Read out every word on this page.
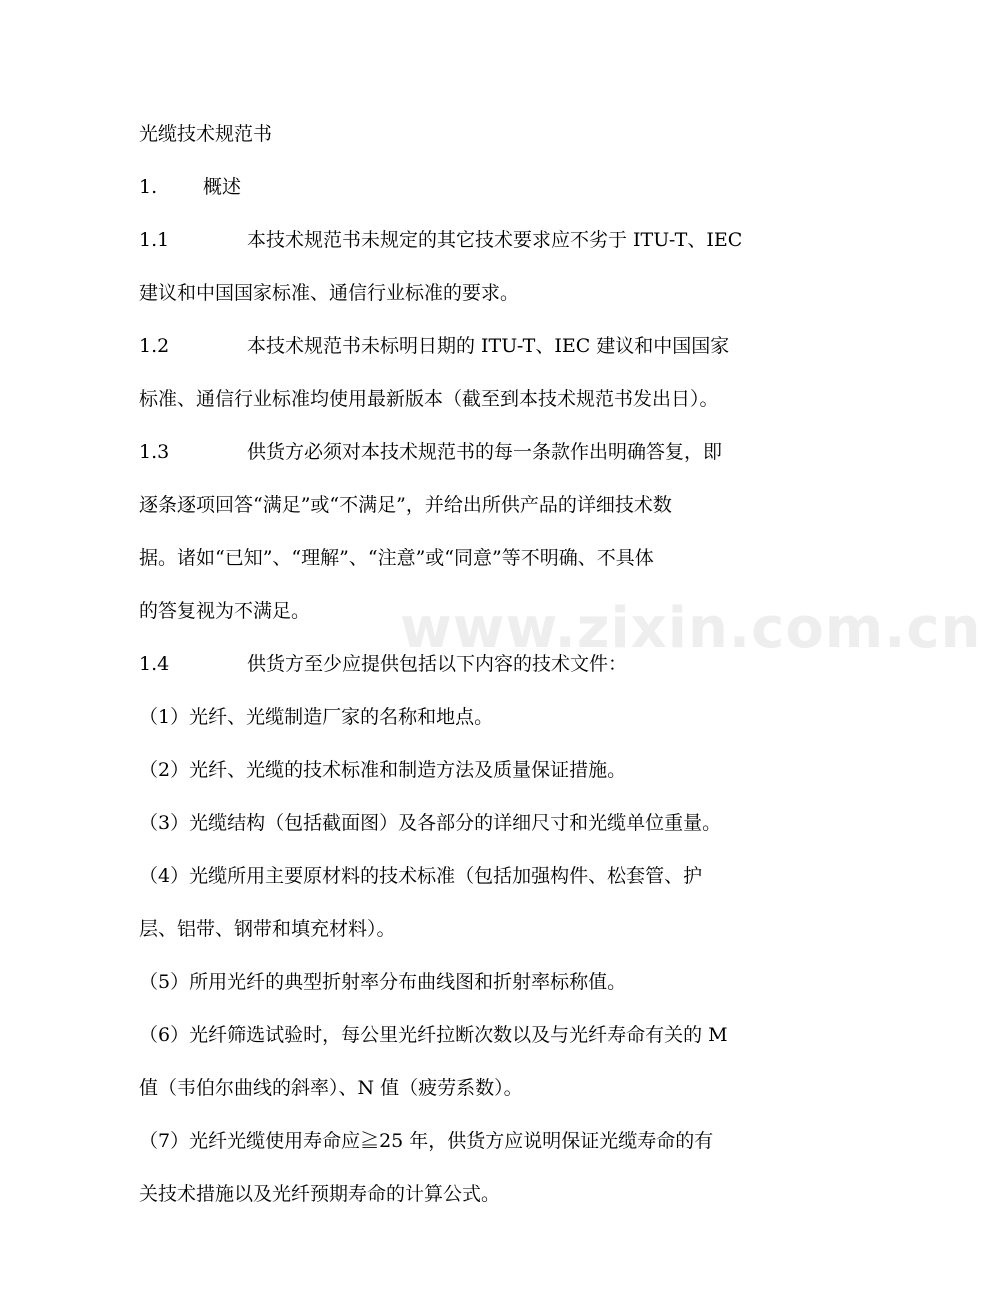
光缆技术规范书
1. 概述
1.1	本技术规范书未规定的其它技术要求应不劣于 ITU-T、IEC
建议和中国国家标准、通信行业标准的要求。
1.2	本技术规范书未标明日期的 ITU-T、IEC 建议和中国国家
标准、通信行业标准均使用最新版本（截至到本技术规范书发出日）。
1.3	供货方必须对本技术规范书的每一条款作出明确答复，即
逐条逐项回答“满足”或“不满足”，并给出所供产品的详细技术数
据。诸如“已知”、“理解”、“注意”或“同意”等不明确、不具体
的答复视为不满足。
1.4	供货方至少应提供包括以下内容的技术文件：
（1）光纤、光缆制造厂家的名称和地点。
（2）光纤、光缆的技术标准和制造方法及质量保证措施。
（3）光缆结构（包括截面图）及各部分的详细尺寸和光缆单位重量。
（4）光缆所用主要原材料的技术标准（包括加强构件、松套管、护
层、铝带、钢带和填充材料）。
（5）所用光纤的典型折射率分布曲线图和折射率标称值。
（6）光纤筛选试验时，每公里光纤拉断次数以及与光纤寿命有关的 M
值（韦伯尔曲线的斜率）、N 值（疲劳系数）。
（7）光纤光缆使用寿命应≧25 年，供货方应说明保证光缆寿命的有
关技术措施以及光纤预期寿命的计算公式。
www.zixin.com.cn
